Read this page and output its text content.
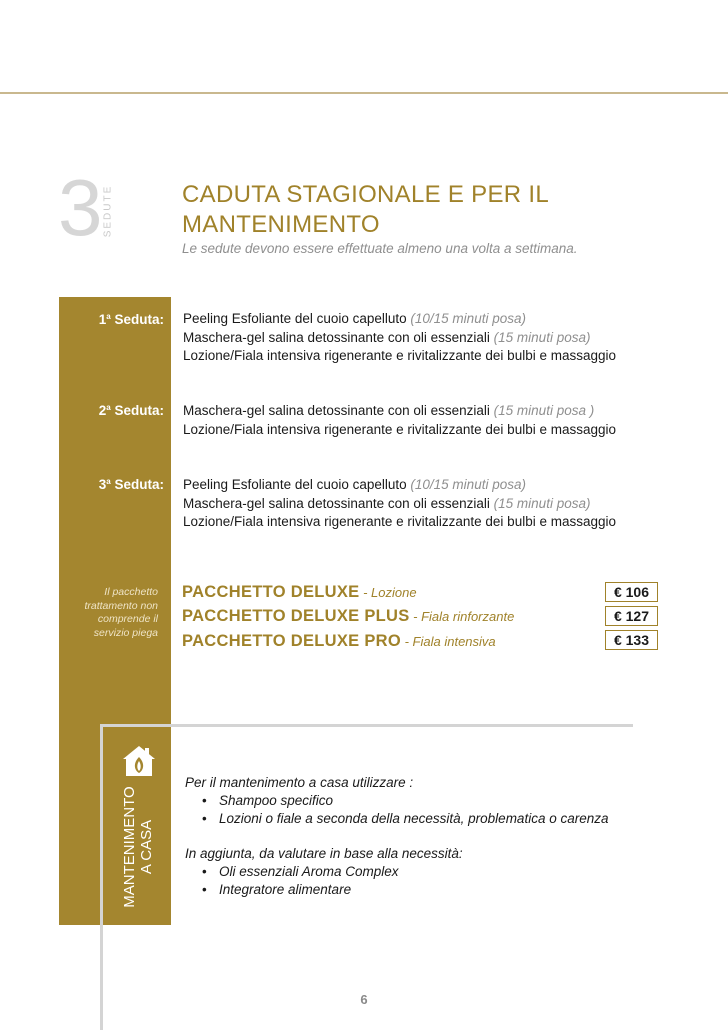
3 SEDUTE	CADUTA STAGIONALE E PER IL
MANTENIMENTO
Le sedute devono essere effettuate almeno una volta a settimana.
1$^a$ Seduta: Peeling Esfoliante del cuoio capelluto (10/15 minuti posa)
Maschera-gel salina detossinante con oli essenziali (15 minuti posa)
Lozione/Fiala intensiva rigenerante e rivitalizzante dei bulbi e massaggio
2$^a$ Seduta: Maschera-gel salina detossinante con oli essenziali (15 minuti posa )
Lozione/Fiala intensiva rigenerante e rivitalizzante dei bulbi e massaggio
3$^a$ Seduta: Peeling Esfoliante del cuoio capelluto (10/15 minuti posa)
Maschera-gel salina detossinante con oli essenziali (15 minuti posa)
Lozione/Fiala intensiva rigenerante e rivitalizzante dei bulbi e massaggio
Il pacchetto trattamento non comprende il servizio piega
PACCHETTO DELUXE - Lozione	€ 106
PACCHETTO DELUXE PLUS - Fiala rinforzante	€ 127
PACCHETTO DELUXE PRO - Fiala intensiva	€ 133
MANTENIMENTO A CASA
Per il mantenimento a casa utilizzare :
• Shampoo specifico
• Lozioni o fiale a seconda della necessità, problematica o carenza
In aggiunta, da valutare in base alla necessità:
• Oli essenziali Aroma Complex
• Integratore alimentare
6
